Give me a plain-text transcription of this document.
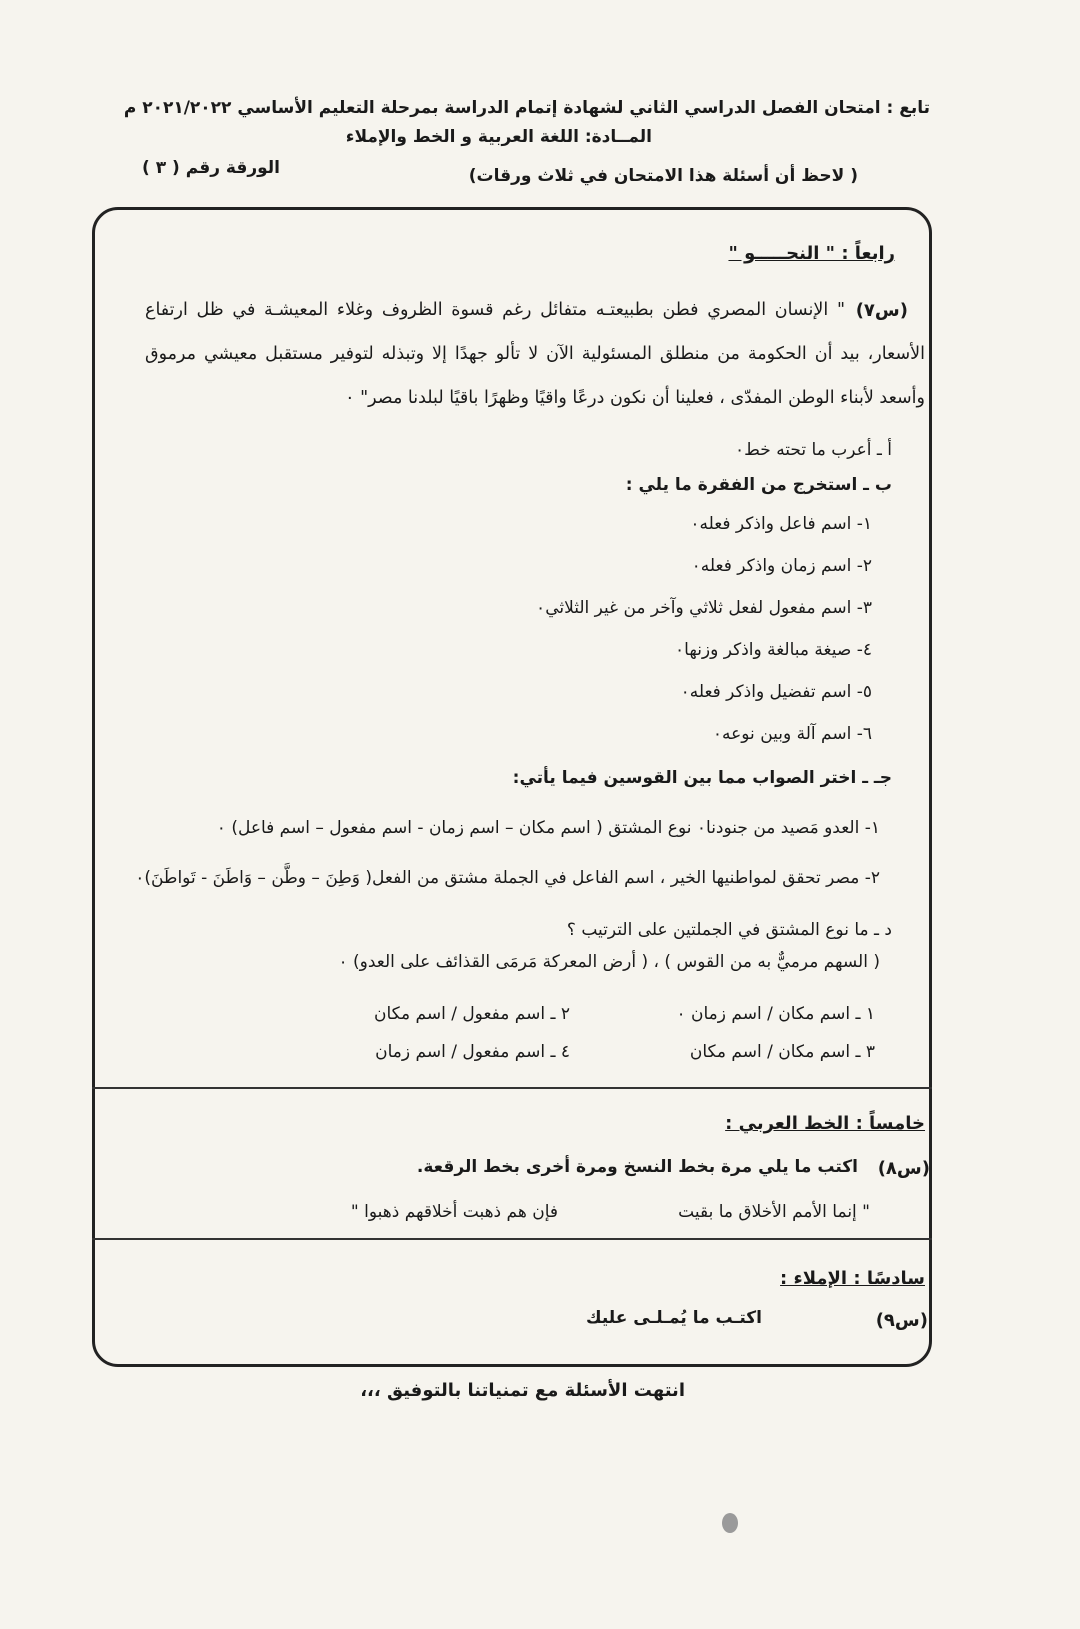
تابع : امتحان الفصل الدراسي الثاني لشهادة إتمام الدراسة بمرحلة التعليم الأساسي ٢٠٢١/٢٠٢٢ م
المــادة: اللغة العربية و الخط والإملاء
( لاحظ أن أسئلة هذا الامتحان في ثلاث ورقات)
الورقة رقم ( ٣ )
رابعاً : " النحـــــو "
(س٧)
" الإنسان المصري فطن بطبيعتـه متفائل رغم قسوة الظروف وغلاء المعيشـة في ظل ارتفاع
الأسعار، بيد أن الحكومة من منطلق المسئولية الآن لا تألو جهدًا إلا وتبذله لتوفير مستقبل معيشي مرموق
وأسعد لأبناء الوطن المفدّى ، فعلينا أن نكون درعًا واقيًا وظهرًا باقيًا لبلدنا مصر" ٠
أ ـ أعرب ما تحته خط٠
ب ـ استخرج من الفقرة ما يلي :
١- اسم فاعل واذكر فعله٠
٢- اسم زمان واذكر فعله٠
٣- اسم مفعول لفعل ثلاثي وآخر من غير الثلاثي٠
٤- صيغة مبالغة واذكر وزنها٠
٥- اسم تفضيل واذكر فعله٠
٦- اسم آلة وبين نوعه٠
جـ ـ اختر الصواب مما بين القوسين فيما يأتي:
١- العدو مَصيد من جنودنا٠ نوع المشتق ( اسم مكان – اسم زمان - اسم مفعول – اسم فاعل) ٠
٢- مصر تحقق لمواطنيها الخير ، اسم الفاعل في الجملة مشتق من الفعل( وَطِنَ – وطَّن – وَاطَنَ - تَواطَنَ)٠
د ـ ما نوع المشتق في الجملتين على الترتيب ؟
( السهم مرميٌّ به من القوس ) ، ( أرض المعركة مَرمَى القذائف على العدو) ٠
١ ـ اسم مكان / اسم زمان ٠
٢ ـ اسم مفعول / اسم مكان
٣ ـ اسم مكان / اسم مكان
٤ ـ اسم مفعول / اسم زمان
خامساً : الخط العربي :
(س٨)
اكتب ما يلي مرة بخط النسخ ومرة أخرى بخط الرقعة.
" إنما الأمم الأخلاق ما بقيت
فإن هم ذهبت أخلاقهم ذهبوا "
سادسًا : الإملاء :
(س٩)
اكتـب ما يُمـلـى عليك
انتهت الأسئلة مع تمنياتنا بالتوفيق ،،،
